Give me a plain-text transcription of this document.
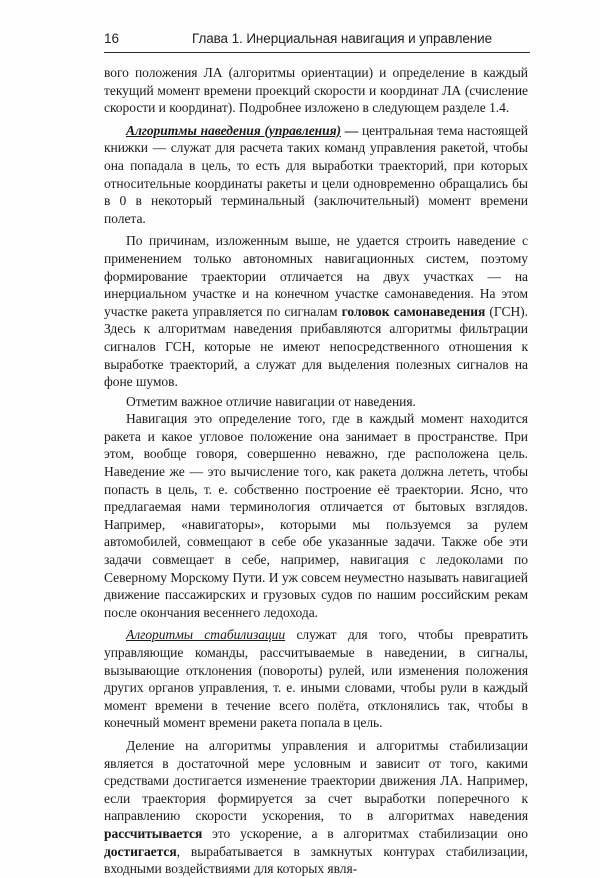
16	Глава 1. Инерциальная навигация и управление

вого положения ЛА (алгоритмы ориентации) и определение в каждый текущий момент времени проекций скорости и координат ЛА (счисление скорости и координат). Подробнее изложено в следующем разделе 1.4.

Алгоритмы наведения (управления) — центральная тема настоящей книжки — служат для расчета таких команд управления ракетой, чтобы она попадала в цель, то есть для выработки траекторий, при которых относительные координаты ракеты и цели одновременно обращались бы в 0 в некоторый терминальный (заключительный) момент времени полета.

По причинам, изложенным выше, не удается строить наведение с применением только автономных навигационных систем, поэтому формирование траектории отличается на двух участках — на инерциальном участке и на конечном участке самонаведения. На этом участке ракета управляется по сигналам головок самонаведения (ГСН). Здесь к алгоритмам наведения прибавляются алгоритмы фильтрации сигналов ГСН, которые не имеют непосредственного отношения к выработке траекторий, а служат для выделения полезных сигналов на фоне шумов.

Отметим важное отличие навигации от наведения.

Навигация это определение того, где в каждый момент находится ракета и какое угловое положение она занимает в пространстве. При этом, вообще говоря, совершенно неважно, где расположена цель. Наведение же — это вычисление того, как ракета должна лететь, чтобы попасть в цель, т. е. собственно построение её траектории. Ясно, что предлагаемая нами терминология отличается от бытовых взглядов. Например, «навигаторы», которыми мы пользуемся за рулем автомобилей, совмещают в себе обе указанные задачи. Также обе эти задачи совмещает в себе, например, навигация с ледоколами по Северному Морскому Пути. И уж совсем неуместно называть навигацией движение пассажирских и грузовых судов по нашим российским рекам после окончания весеннего ледохода.

Алгоритмы стабилизации служат для того, чтобы превратить управляющие команды, рассчитываемые в наведении, в сигналы, вызывающие отклонения (повороты) рулей, или изменения положения других органов управления, т. е. иными словами, чтобы рули в каждый момент времени в течение всего полёта, отклонялись так, чтобы в конечный момент времени ракета попала в цель.

Деление на алгоритмы управления и алгоритмы стабилизации является в достаточной мере условным и зависит от того, какими средствами достигается изменение траектории движения ЛА. Например, если траектория формируется за счет выработки поперечного к направлению скорости ускорения, то в алгоритмах наведения рассчитывается это ускорение, а в алгоритмах стабилизации оно достигается, вырабатывается в замкнутых контурах стабилизации, входными воздействиями для которых явля-
